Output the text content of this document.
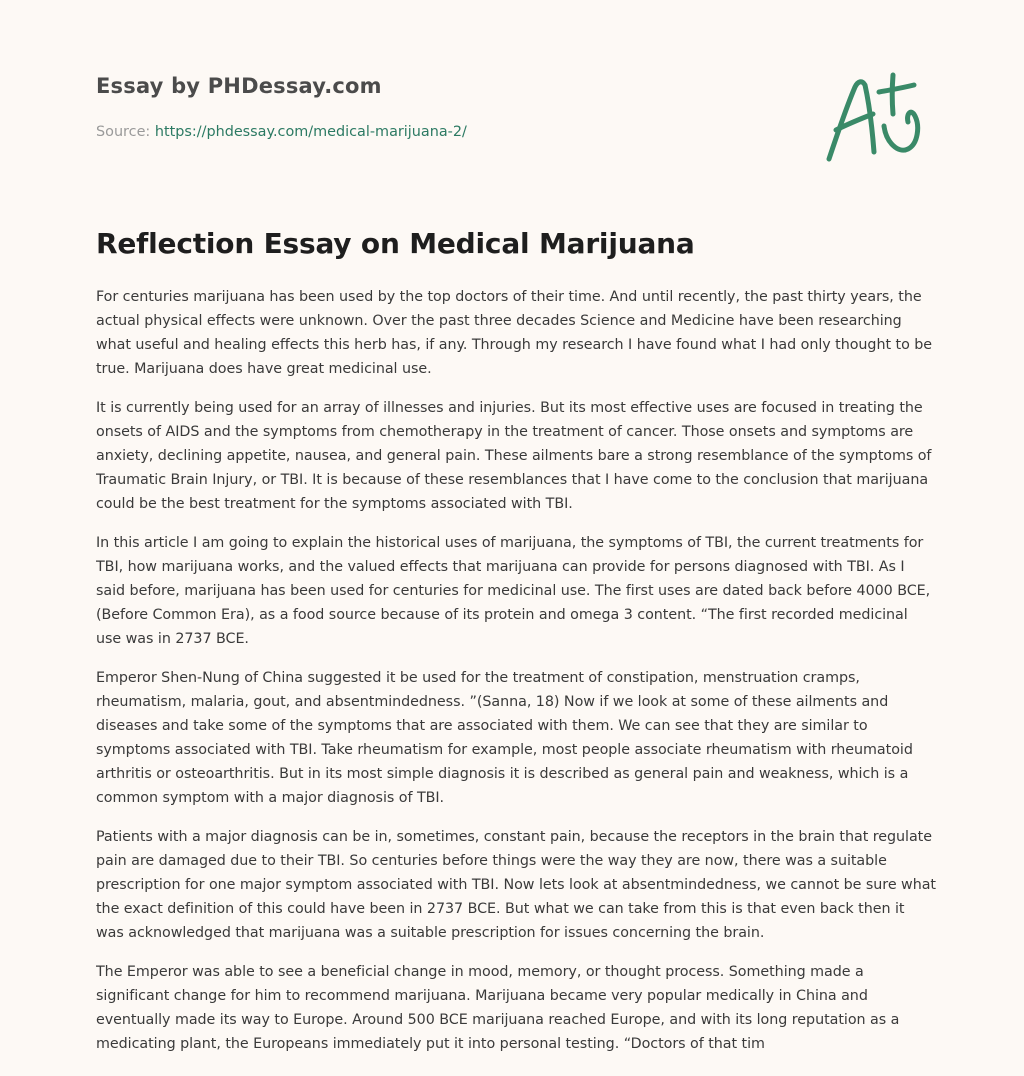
Essay by PHDessay.com
Source: https://phdessay.com/medical-marijuana-2/
Reflection Essay on Medical Marijuana

For centuries marijuana has been used by the top doctors of their time. And until recently, the past thirty years, the actual physical effects were unknown. Over the past three decades Science and Medicine have been researching what useful and healing effects this herb has, if any. Through my research I have found what I had only thought to be true. Marijuana does have great medicinal use.

It is currently being used for an array of illnesses and injuries. But its most effective uses are focused in treating the onsets of AIDS and the symptoms from chemotherapy in the treatment of cancer. Those onsets and symptoms are anxiety, declining appetite, nausea, and general pain. These ailments bare a strong resemblance of the symptoms of Traumatic Brain Injury, or TBI. It is because of these resemblances that I have come to the conclusion that marijuana could be the best treatment for the symptoms associated with TBI.

In this article I am going to explain the historical uses of marijuana, the symptoms of TBI, the current treatments for TBI, how marijuana works, and the valued effects that marijuana can provide for persons diagnosed with TBI. As I said before, marijuana has been used for centuries for medicinal use. The first uses are dated back before 4000 BCE, (Before Common Era), as a food source because of its protein and omega 3 content. “The first recorded medicinal use was in 2737 BCE.

Emperor Shen-Nung of China suggested it be used for the treatment of constipation, menstruation cramps, rheumatism, malaria, gout, and absentmindedness. ”(Sanna, 18) Now if we look at some of these ailments and diseases and take some of the symptoms that are associated with them. We can see that they are similar to symptoms associated with TBI. Take rheumatism for example, most people associate rheumatism with rheumatoid arthritis or osteoarthritis. But in its most simple diagnosis it is described as general pain and weakness, which is a common symptom with a major diagnosis of TBI.

Patients with a major diagnosis can be in, sometimes, constant pain, because the receptors in the brain that regulate pain are damaged due to their TBI. So centuries before things were the way they are now, there was a suitable prescription for one major symptom associated with TBI. Now lets look at absentmindedness, we cannot be sure what the exact definition of this could have been in 2737 BCE. But what we can take from this is that even back then it was acknowledged that marijuana was a suitable prescription for issues concerning the brain.

The Emperor was able to see a beneficial change in mood, memory, or thought process. Something made a significant change for him to recommend marijuana. Marijuana became very popular medically in China and eventually made its way to Europe. Around 500 BCE marijuana reached Europe, and with its long reputation as a medicating plant, the Europeans immediately put it into personal testing. “Doctors of that tim
